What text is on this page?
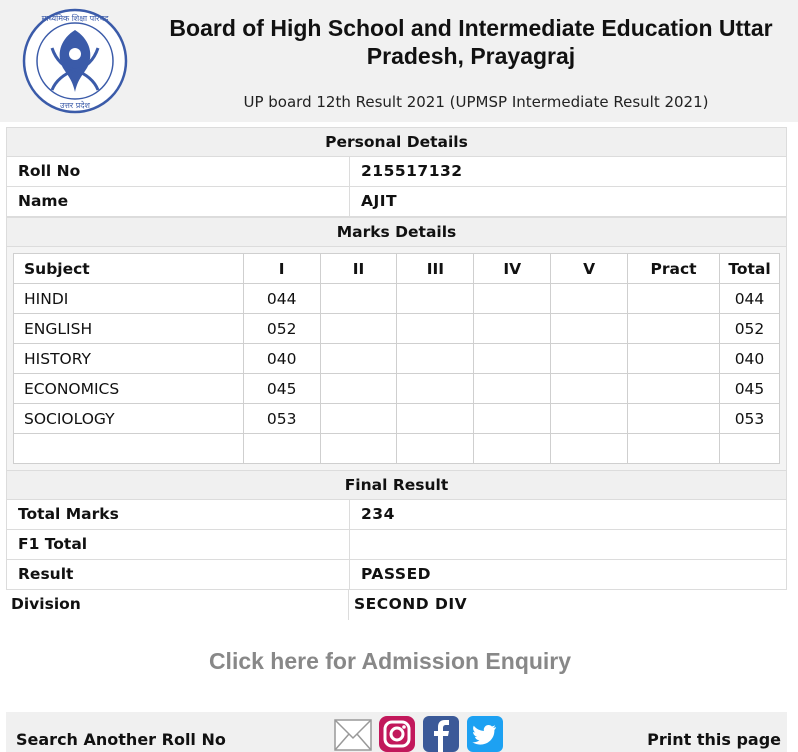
माध्यमिक शिक्षा परिषद
उत्तर प्रदेश
Board of High School and Intermediate Education Uttar Pradesh, Prayagraj
UP board 12th Result 2021 (UPMSP Intermediate Result 2021)
Personal Details
Roll No	215517132
Name	AJIT
Marks Details
Subject	I	II	III	IV	V	Pract	Total
HINDI	044						044
ENGLISH	052						052
HISTORY	040						040
ECONOMICS	045						045
SOCIOLOGY	053						053

Final Result
Total Marks	234
F1 Total
Result	PASSED
Division	SECOND DIV
Click here for Admission Enquiry
Search Another Roll No	Print this page
